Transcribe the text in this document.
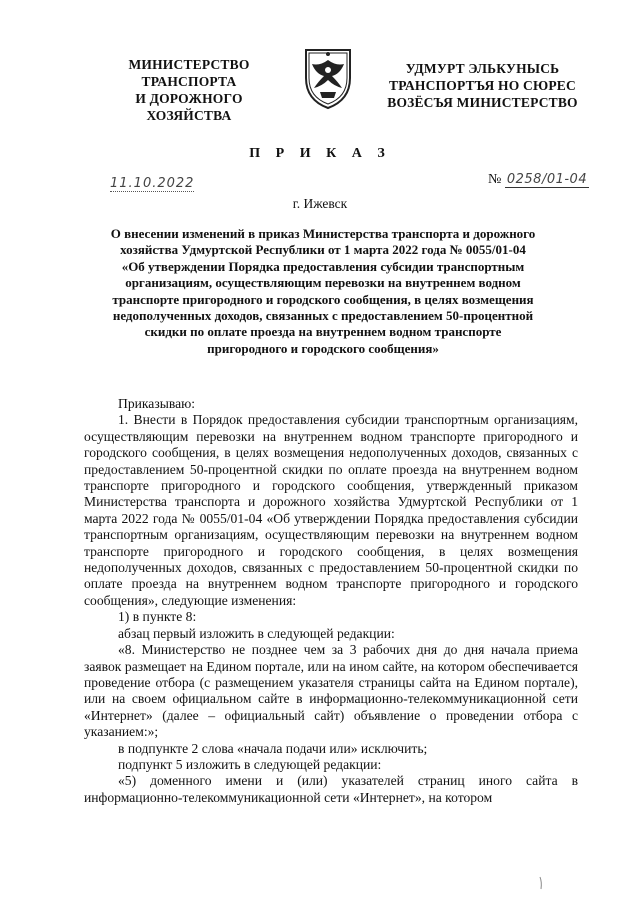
МИНИСТЕРСТВО
ТРАНСПОРТА
И ДОРОЖНОГО
ХОЗЯЙСТВА
УДМУРТ ЭЛЬКУНЫСЬ
ТРАНСПОРТЪЯ НО СЮРЕС
ВОЗЁСЪЯ МИНИСТЕРСТВО
П Р И К А З
11.10.2022	№ 0258/01-04
г. Ижевск
О внесении изменений в приказ Министерства транспорта и дорожного
хозяйства Удмуртской Республики от 1 марта 2022 года № 0055/01-04
«Об утверждении Порядка предоставления субсидии транспортным
организациям, осуществляющим перевозки на внутреннем водном
транспорте пригородного и городского сообщения, в целях возмещения
недополученных доходов, связанных с предоставлением 50-процентной
скидки по оплате проезда на внутреннем водном транспорте
пригородного и городского сообщения»

Приказываю:

1. Внести в Порядок предоставления субсидии транспортным организациям, осуществляющим перевозки на внутреннем водном транспорте пригородного и городского сообщения, в целях возмещения недополученных доходов, связанных с предоставлением 50-процентной скидки по оплате проезда на внутреннем водном транспорте пригородного и городского сообщения, утвержденный приказом Министерства транспорта и дорожного хозяйства Удмуртской Республики от 1 марта 2022 года № 0055/01-04 «Об утверждении Порядка предоставления субсидии транспортным организациям, осуществляющим перевозки на внутреннем водном транспорте пригородного и городского сообщения, в целях возмещения недополученных доходов, связанных с предоставлением 50-процентной скидки по оплате проезда на внутреннем водном транспорте пригородного и городского сообщения», следующие изменения:

1) в пункте 8:

абзац первый изложить в следующей редакции:

«8. Министерство не позднее чем за 3 рабочих дня до дня начала приема заявок размещает на Едином портале, или на ином сайте, на котором обеспечивается проведение отбора (с размещением указателя страницы сайта на Едином портале), или на своем официальном сайте в информационно-телекоммуникационной сети «Интернет» (далее – официальный сайт) объявление о проведении отбора с указанием:»;

в подпункте 2 слова «начала подачи или» исключить;

подпункт 5 изложить в следующей редакции:

«5) доменного имени и (или) указателей страниц иного сайта в информационно-телекоммуникационной сети «Интернет», на котором
